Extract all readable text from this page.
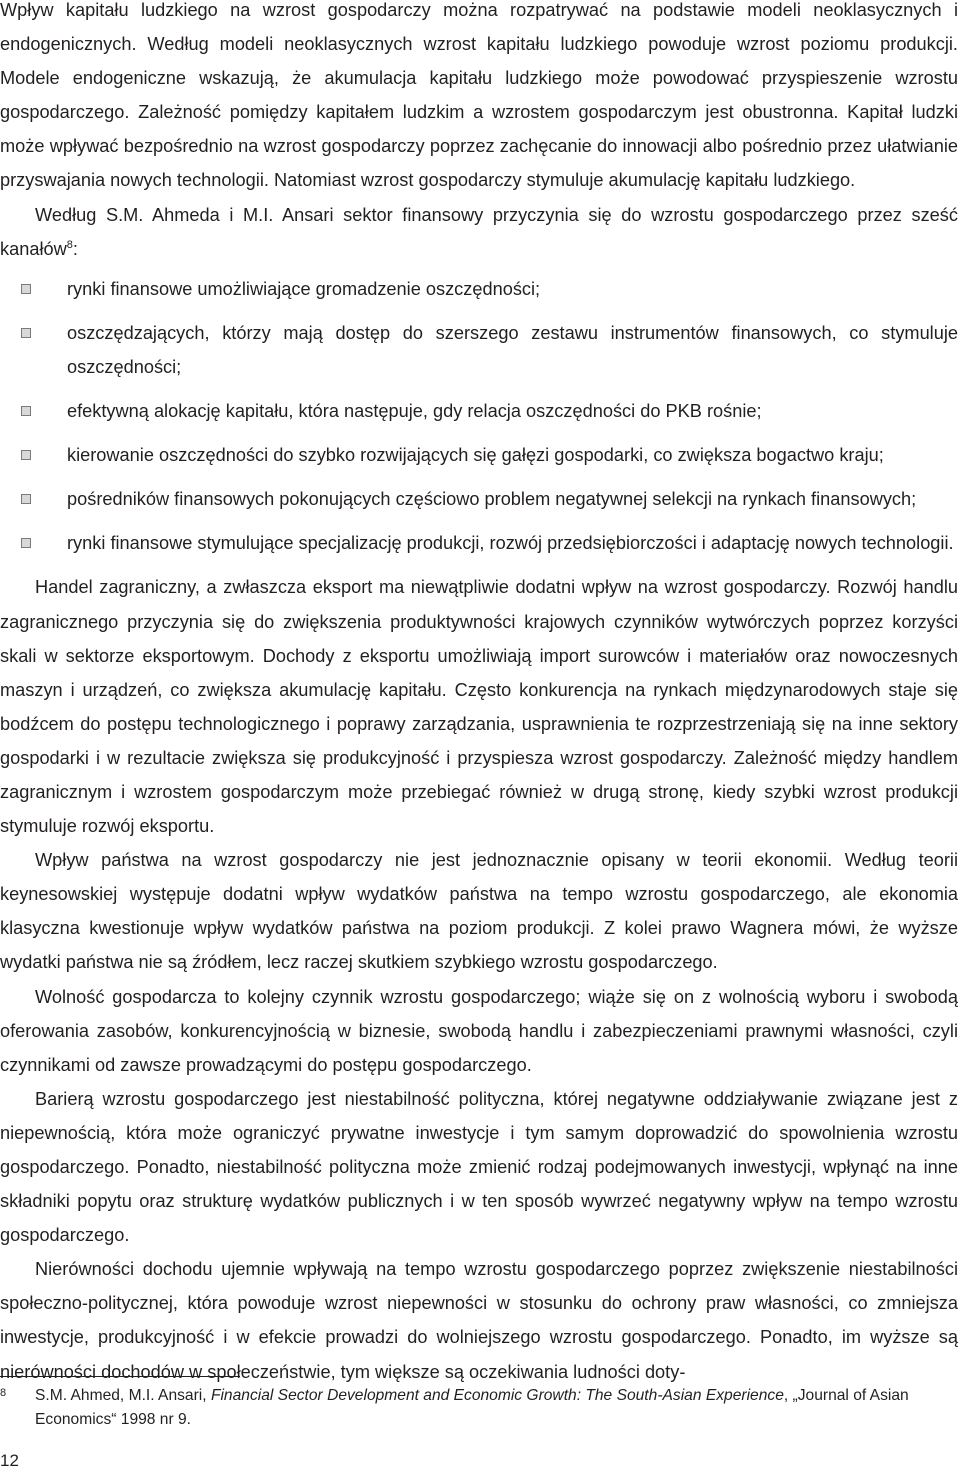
Wpływ kapitału ludzkiego na wzrost gospodarczy można rozpatrywać na podstawie modeli neoklasycznych i endogenicznych. Według modeli neoklasycznych wzrost kapitału ludzkiego powoduje wzrost poziomu produkcji. Modele endogeniczne wskazują, że akumulacja kapitału ludzkiego może powodować przyspieszenie wzrostu gospodarczego. Zależność pomiędzy kapitałem ludzkim a wzrostem gospodarczym jest obustronna. Kapitał ludzki może wpływać bezpośrednio na wzrost gospodarczy poprzez zachęcanie do innowacji albo pośrednio przez ułatwianie przyswajania nowych technologii. Natomiast wzrost gospodarczy stymuluje akumulację kapitału ludzkiego.

Według S.M. Ahmeda i M.I. Ansari sektor finansowy przyczynia się do wzrostu gospodarczego przez sześć kanałów$^8$:

rynki finansowe umożliwiające gromadzenie oszczędności;
oszczędzających, którzy mają dostęp do szerszego zestawu instrumentów finansowych, co stymuluje oszczędności;
efektywną alokację kapitału, która następuje, gdy relacja oszczędności do PKB rośnie;
kierowanie oszczędności do szybko rozwijających się gałęzi gospodarki, co zwiększa bogactwo kraju;
pośredników finansowych pokonujących częściowo problem negatywnej selekcji na rynkach finansowych;
rynki finansowe stymulujące specjalizację produkcji, rozwój przedsiębiorczości i adaptację nowych technologii.

Handel zagraniczny, a zwłaszcza eksport ma niewątpliwie dodatni wpływ na wzrost gospodarczy. Rozwój handlu zagranicznego przyczynia się do zwiększenia produktywności krajowych czynników wytwórczych poprzez korzyści skali w sektorze eksportowym. Dochody z eksportu umożliwiają import surowców i materiałów oraz nowoczesnych maszyn i urządzeń, co zwiększa akumulację kapitału. Często konkurencja na rynkach międzynarodowych staje się bodźcem do postępu technologicznego i poprawy zarządzania, usprawnienia te rozprzestrzeniają się na inne sektory gospodarki i w rezultacie zwiększa się produkcyjność i przyspiesza wzrost gospodarczy. Zależność między handlem zagranicznym i wzrostem gospodarczym może przebiegać również w drugą stronę, kiedy szybki wzrost produkcji stymuluje rozwój eksportu.

Wpływ państwa na wzrost gospodarczy nie jest jednoznacznie opisany w teorii ekonomii. Według teorii keynesowskiej występuje dodatni wpływ wydatków państwa na tempo wzrostu gospodarczego, ale ekonomia klasyczna kwestionuje wpływ wydatków państwa na poziom produkcji. Z kolei prawo Wagnera mówi, że wyższe wydatki państwa nie są źródłem, lecz raczej skutkiem szybkiego wzrostu gospodarczego.

Wolność gospodarcza to kolejny czynnik wzrostu gospodarczego; wiąże się on z wolnością wyboru i swobodą oferowania zasobów, konkurencyjnością w biznesie, swobodą handlu i zabezpieczeniami prawnymi własności, czyli czynnikami od zawsze prowadzącymi do postępu gospodarczego.

Barierą wzrostu gospodarczego jest niestabilność polityczna, której negatywne oddziaływanie związane jest z niepewnością, która może ograniczyć prywatne inwestycje i tym samym doprowadzić do spowolnienia wzrostu gospodarczego. Ponadto, niestabilność polityczna może zmienić rodzaj podejmowanych inwestycji, wpłynąć na inne składniki popytu oraz strukturę wydatków publicznych i w ten sposób wywrzeć negatywny wpływ na tempo wzrostu gospodarczego.

Nierówności dochodu ujemnie wpływają na tempo wzrostu gospodarczego poprzez zwiększenie niestabilności społeczno-politycznej, która powoduje wzrost niepewności w stosunku do ochrony praw własności, co zmniejsza inwestycje, produkcyjność i w efekcie prowadzi do wolniejszego wzrostu gospodarczego. Ponadto, im wyższe są nierówności dochodów w społeczeństwie, tym większe są oczekiwania ludności doty-

8	S.M. Ahmed, M.I. Ansari, Financial Sector Development and Economic Growth: The South-Asian Experience, „Journal of Asian Economics“ 1998 nr 9.
12
